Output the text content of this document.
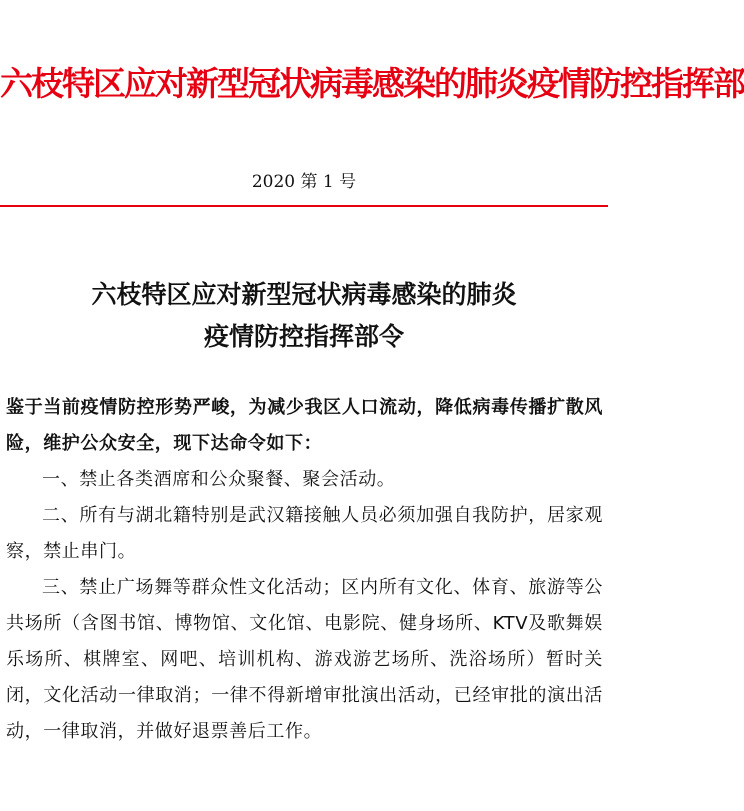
六枝特区应对新型冠状病毒感染的肺炎疫情防控指挥部
2020 第 1 号
六枝特区应对新型冠状病毒感染的肺炎
疫情防控指挥部令

鉴于当前疫情防控形势严峻，为减少我区人口流动，降低病毒传播扩散风险，维护公众安全，现下达命令如下：

一、禁止各类酒席和公众聚餐、聚会活动。

二、所有与湖北籍特别是武汉籍接触人员必须加强自我防护，居家观察，禁止串门。

三、禁止广场舞等群众性文化活动；区内所有文化、体育、旅游等公共场所（含图书馆、博物馆、文化馆、电影院、健身场所、KTV及歌舞娱乐场所、棋牌室、网吧、培训机构、游戏游艺场所、洗浴场所）暂时关闭，文化活动一律取消；一律不得新增审批演出活动，已经审批的演出活动，一律取消，并做好退票善后工作。
